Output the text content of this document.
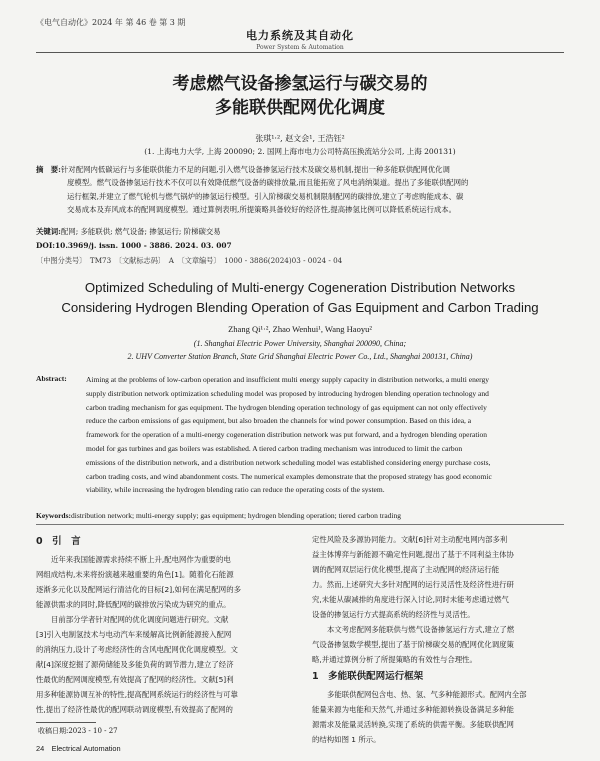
《电气自动化》2024 年 第 46 卷 第 3 期
电力系统及其自动化
Power System & Automation
考虑燃气设备掺氢运行与碳交易的
多能联供配网优化调度
张琪¹·², 赵文会¹, 王浩钰²
(1. 上海电力大学, 上海 200090; 2. 国网上海市电力公司特高压换流站分公司, 上海 200131)
摘　要:针对配网内低碳运行与多能联供能力不足的问题,引入燃气设备掺氢运行技术及碳交易机制,提出一种多能联供配网优化调
度模型。燃气设备掺氢运行技术不仅可以有效降低燃气设备的碳排放量,而且能拓宽了风电消纳渠道。提出了多能联供配网的
运行框架,并建立了燃气轮机与燃气锅炉的掺氢运行模型。引入阶梯碳交易机制限制配网的碳排放,建立了考虑购能成本、碳
交易成本及弃风成本的配网调度模型。通过算例表明,所提策略具备较好的经济性,提高掺氢比例可以降低系统运行成本。
关键词:配网; 多能联供; 燃气设备; 掺氢运行; 阶梯碳交易
DOI:10.3969/j. issn. 1000 - 3886. 2024. 03. 007
〔中图分类号〕　TM73　〔文献标志码〕　A　〔文章编号〕　1000 - 3886(2024)03 - 0024 - 04
Optimized Scheduling of Multi-energy Cogeneration Distribution Networks
Considering Hydrogen Blending Operation of Gas Equipment and Carbon Trading
Zhang Qi¹·², Zhao Wenhui¹, Wang Haoyu²
(1. Shanghai Electric Power University, Shanghai 200090, China;
2. UHV Converter Station Branch, State Grid Shanghai Electric Power Co., Ltd., Shanghai 200131, China)
Abstract:	Aiming at the problems of low-carbon operation and insufficient multi energy supply capacity in distribution networks, a multi energy
supply distribution network optimization scheduling model was proposed by introducing hydrogen blending operation technology and
carbon trading mechanism for gas equipment. The hydrogen blending operation technology of gas equipment can not only effectively
reduce the carbon emissions of gas equipment, but also broaden the channels for wind power consumption. Based on this idea, a
framework for the operation of a multi-energy cogeneration distribution network was put forward, and a hydrogen blending operation
model for gas turbines and gas boilers was established. A tiered carbon trading mechanism was introduced to limit the carbon
emissions of the distribution network, and a distribution network scheduling model was established considering energy purchase costs,
carbon trading costs, and wind abandonment costs. The numerical examples demonstrate that the proposed strategy has good economic
viability, while increasing the hydrogen blending ratio can reduce the operating costs of the system.
Keywords:distribution network; multi-energy supply; gas equipment; hydrogen blending operation; tiered carbon trading
0　引　言
近年来我国能源需求持续不断上升,配电网作为重要的电
网组成结构,未来将扮演越来越重要的角色[1]。随着化石能源
逐渐多元化以及配网运行清洁化的目标[2],如何在满足配网的多
能源供需求的同时,降低配网的碳排放污染成为研究的重点。
目前部分学者针对配网的优化调度问题进行研究。文献
[3]引入电制氢技术与电动汽车来缓解高比例新能源接入配网
的消纳压力,设计了考虑经济性的含风电配网优化调度模型。文
献[4]深度挖掘了源荷储能及多能负荷的调节潜力,建立了经济
性最优的配网调度模型,有效提高了配网的经济性。文献[5]利
用多种能源协调互补的特性,提高配网系统运行的经济性与可靠
性,提出了经济性最优的配网联动调度模型,有效提高了配网的
定性风险及多源协同能力。文献[6]针对主动配电网内部多利
益主体博弈与新能源不确定性问题,提出了基于不同利益主体协
调的配网双层运行优化模型,提高了主动配网的经济运行能
力。然而,上述研究大多针对配网的运行灵活性及经济性进行研
究,未能从碳减排的角度进行深入讨论,同时未能考虑通过燃气
设备的掺氢运行方式提高系统的经济性与灵活性。
本文考虑配网多能联供与燃气设备掺氢运行方式,建立了燃
气设备掺氢数学模型,提出了基于阶梯碳交易的配网优化调度策
略,并通过算例分析了所提策略的有效性与合理性。
1　多能联供配网运行框架
多能联供配网包含电、热、氢、气多种能源形式。配网内全部
能量来源为电能和天然气,并通过多种能源转换设备满足多种能
源需求及能量灵活转换,实现了系统的供需平衡。多能联供配网
的结构如图 1 所示。
收稿日期:2023 - 10 - 27
24　Electrical Automation
